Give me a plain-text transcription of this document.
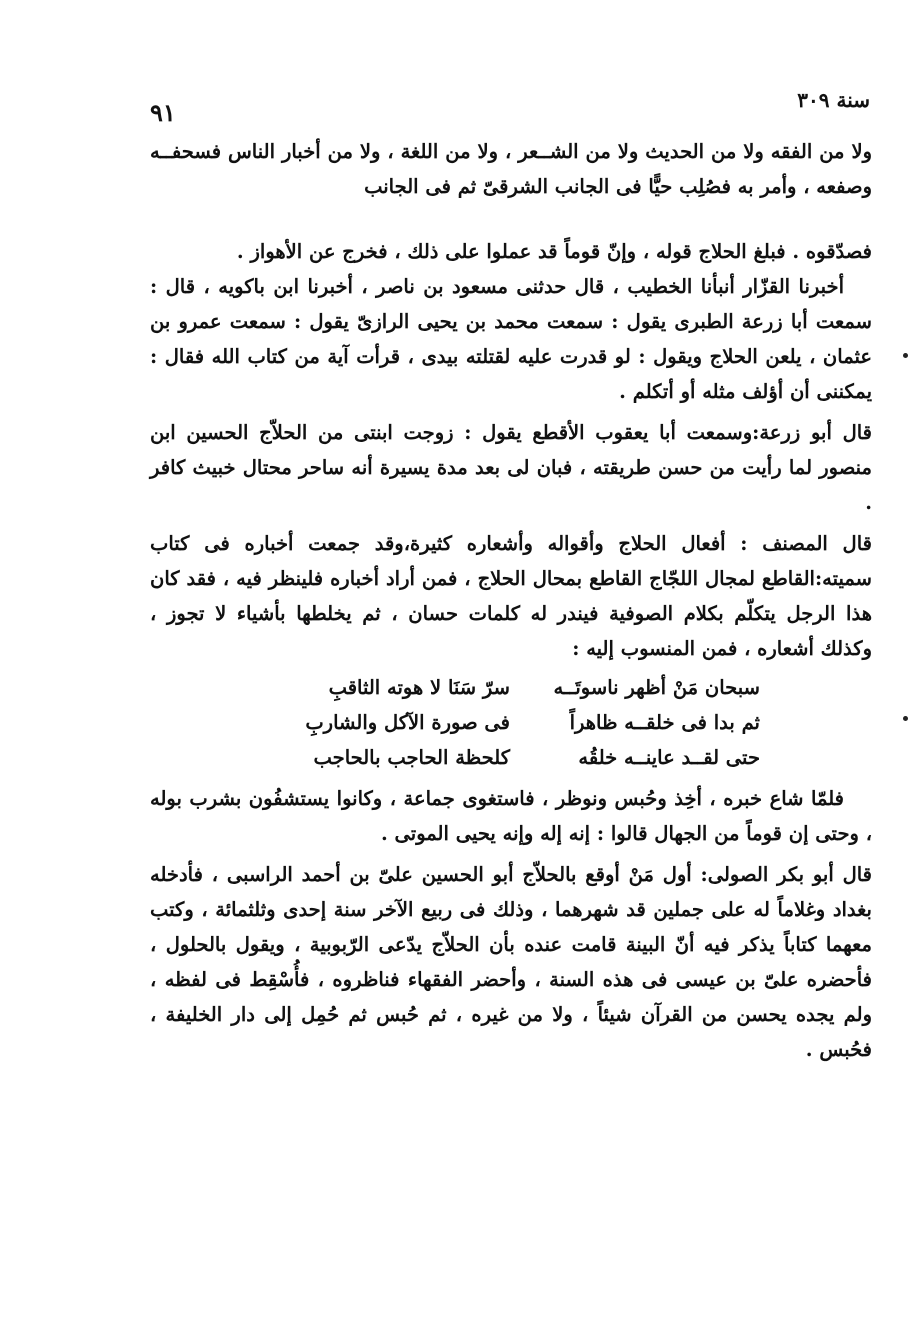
سنة ٣٠٩
٩١

ولا من الفقه ولا من الحديث ولا من الشــعر ، ولا من اللغة ، ولا من أخبار الناس فسحفــه وصفعه ، وأمر به فصُلِب حيًّا فى الجانب الشرقىّ ثم فى الجانب

فصدّقوه . فبلغ الحلاج قوله ، وإنّ قوماً قد عملوا على ذلك ، فخرج عن الأهواز .

أخبرنا القزّار أنبأنا الخطيب ، قال حدثنى مسعود بن ناصر ، أخبرنا ابن باكويه ، قال : سمعت أبا زرعة الطبرى يقول : سمعت محمد بن يحيى الرازىّ يقول : سمعت عمرو بن عثمان ، يلعن الحلاج ويقول : لو قدرت عليه لقتلته بيدى ، قرأت آية من كتاب الله فقال : يمكننى أن أؤلف مثله أو أتكلم .

قال أبو زرعة:وسمعت أبا يعقوب الأقطع يقول : زوجت ابنتى من الحلاّج الحسين ابن منصور لما رأيت من حسن طريقته ، فبان لى بعد مدة يسيرة أنه ساحر محتال خبيث كافر .

قال المصنف : أفعال الحلاج وأقواله وأشعاره كثيرة،وقد جمعت أخباره فى كتاب سميته:القاطع لمجال اللجّاج القاطع بمحال الحلاج ، فمن أراد أخباره فلينظر فيه ، فقد كان هذا الرجل يتكلّم بكلام الصوفية فيندر له كلمات حسان ، ثم يخلطها بأشياء لا تجوز ، وكذلك أشعاره ، فمن المنسوب إليه :

سبحان مَنْ أظهر ناسوتَــه
سرّ سَنَا لا هوته الثاقبِ
ثم بدا فى خلقــه ظاهراً
فى صورة الآكل والشاربِ
حتى لقــد عاينــه خلقُه
كلحظة الحاجب بالحاجب

فلمّا شاع خبره ، أخِذ وحُبس ونوظر ، فاستغوى جماعة ، وكانوا يستشفُون بشرب بوله ، وحتى إن قوماً من الجهال قالوا : إنه إله وإنه يحيى الموتى .

قال أبو بكر الصولى: أول مَنْ أوقع بالحلاّج أبو الحسين علىّ بن أحمد الراسبى ، فأدخله بغداد وغلاماً له على جملين قد شهرهما ، وذلك فى ربيع الآخر سنة إحدى وثلثمائة ، وكتب معهما كتاباً يذكر فيه أنّ البينة قامت عنده بأن الحلاّج يدّعى الرّبوبية ، ويقول بالحلول ، فأحضره علىّ بن عيسى فى هذه السنة ، وأحضر الفقهاء فناظروه ، فأُسْقِط فى لفظه ، ولم يجده يحسن من القرآن شيئاً ، ولا من غيره ، ثم حُبس ثم حُمِل إلى دار الخليفة ، فحُبس .
